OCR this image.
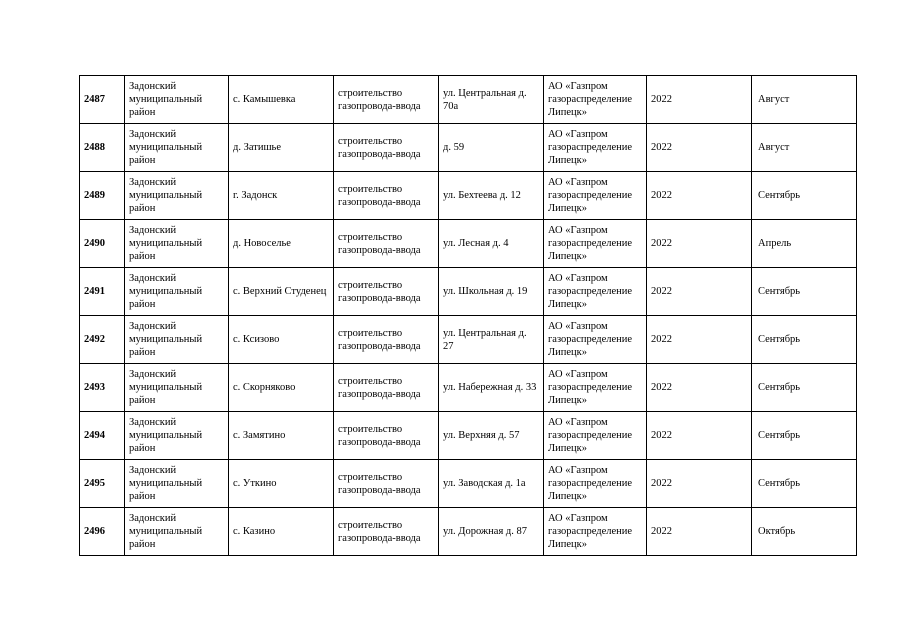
2487	Задонский муниципальный район	с. Камышевка	строительство газопровода-ввода	ул. Центральная д. 70а	АО «Газпром газораспределение Липецк»	2022	Август
2488	Задонский муниципальный район	д. Затишье	строительство газопровода-ввода	д. 59	АО «Газпром газораспределение Липецк»	2022	Август
2489	Задонский муниципальный район	г. Задонск	строительство газопровода-ввода	ул. Бехтеева д. 12	АО «Газпром газораспределение Липецк»	2022	Сентябрь
2490	Задонский муниципальный район	д. Новоселье	строительство газопровода-ввода	ул. Лесная д. 4	АО «Газпром газораспределение Липецк»	2022	Апрель
2491	Задонский муниципальный район	с. Верхний Студенец	строительство газопровода-ввода	ул. Школьная д. 19	АО «Газпром газораспределение Липецк»	2022	Сентябрь
2492	Задонский муниципальный район	с. Ксизово	строительство газопровода-ввода	ул. Центральная д. 27	АО «Газпром газораспределение Липецк»	2022	Сентябрь
2493	Задонский муниципальный район	с. Скорняково	строительство газопровода-ввода	ул. Набережная д. 33	АО «Газпром газораспределение Липецк»	2022	Сентябрь
2494	Задонский муниципальный район	с. Замятино	строительство газопровода-ввода	ул. Верхняя д. 57	АО «Газпром газораспределение Липецк»	2022	Сентябрь
2495	Задонский муниципальный район	с. Уткино	строительство газопровода-ввода	ул. Заводская д. 1а	АО «Газпром газораспределение Липецк»	2022	Сентябрь
2496	Задонский муниципальный район	с. Казино	строительство газопровода-ввода	ул. Дорожная д. 87	АО «Газпром газораспределение Липецк»	2022	Октябрь
